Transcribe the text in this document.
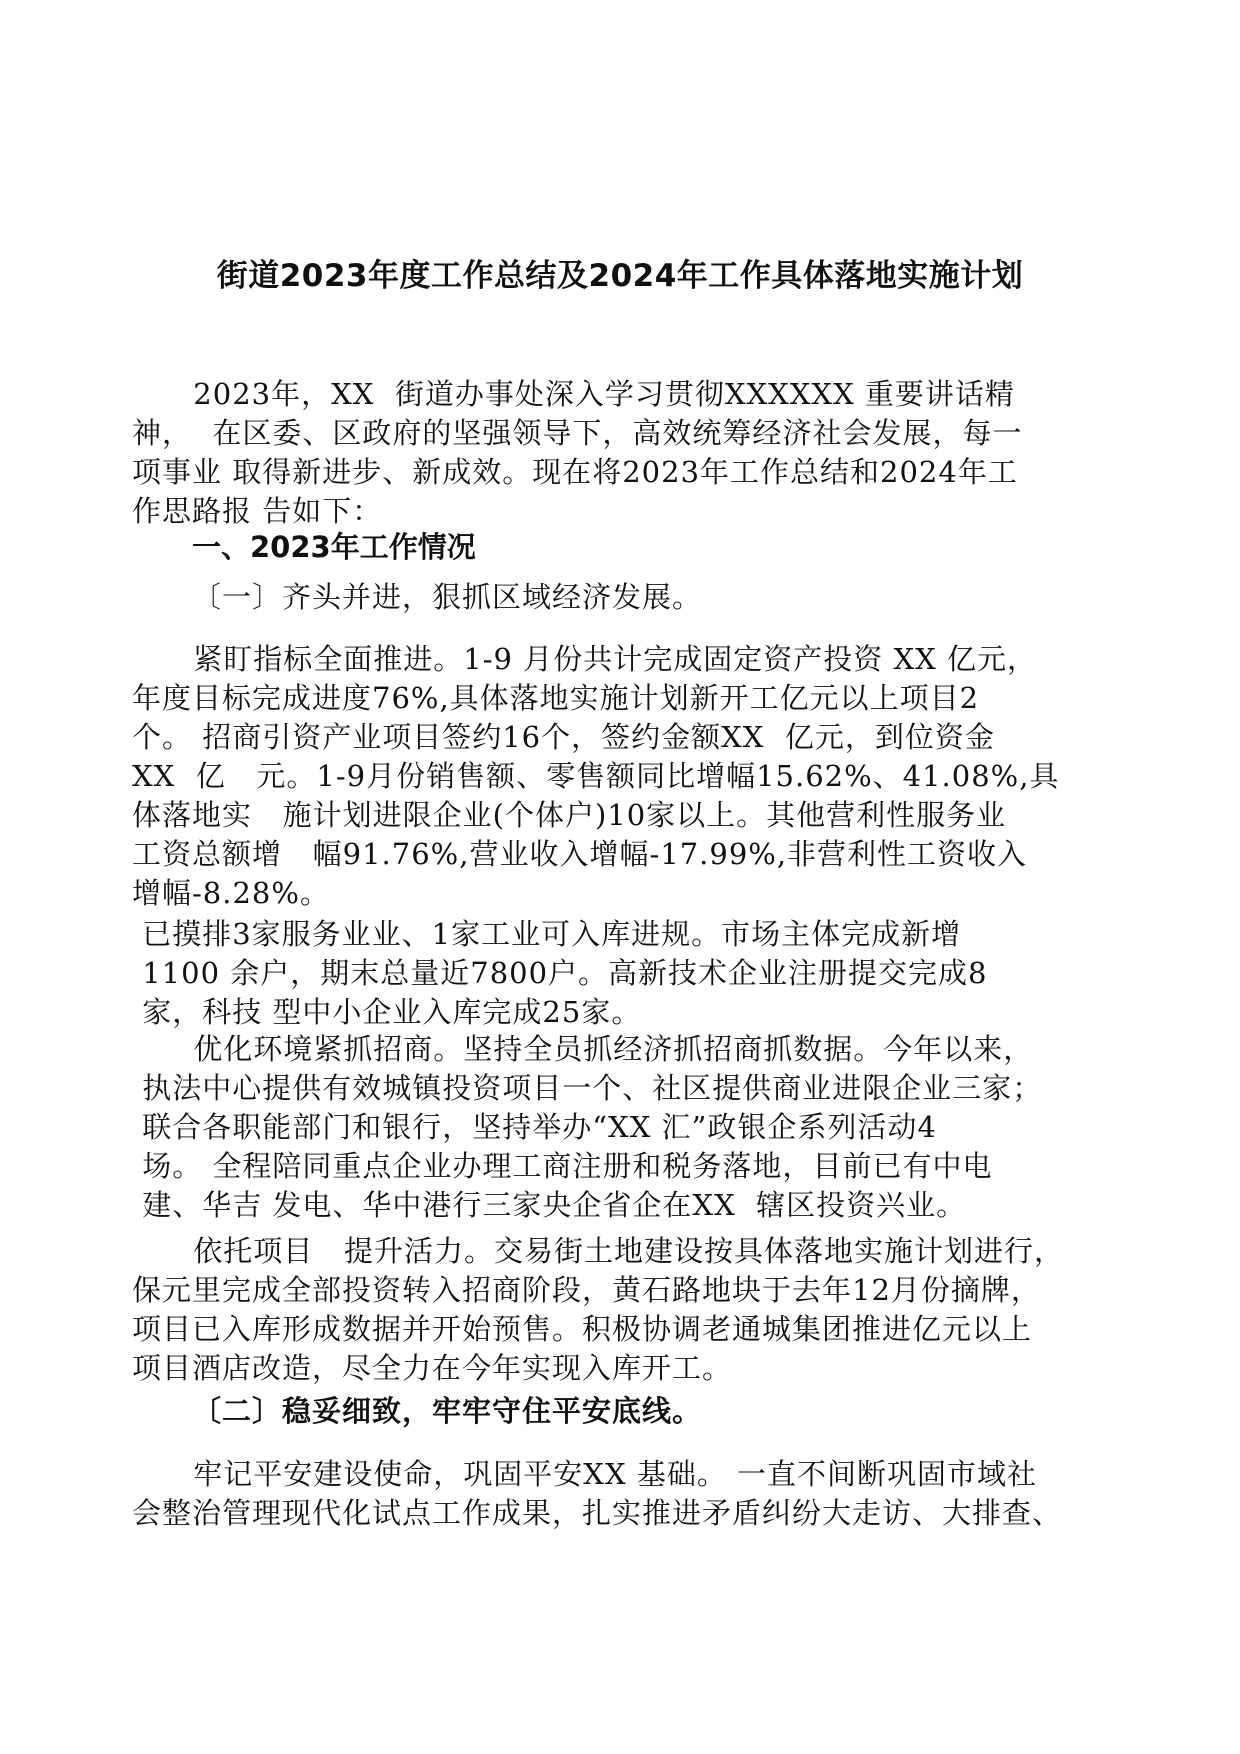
街道2023年度工作总结及2024年工作具体落地实施计划
2023年，XX  街道办事处深入学习贯彻XXXXXX 重要讲话精
神，  在区委、区政府的坚强领导下，高效统筹经济社会发展，每一
项事业 取得新进步、新成效。现在将2023年工作总结和2024年工
作思路报 告如下：
一、2023年工作情况
〔一〕齐头并进，狠抓区域经济发展。
紧盯指标全面推进。1-9 月份共计完成固定资产投资 XX 亿元，
年度目标完成进度76%,具体落地实施计划新开工亿元以上项目2
个。 招商引资产业项目签约16个，签约金额XX  亿元，到位资金
XX  亿   元。1-9月份销售额、零售额同比增幅15.62%、41.08%,具
体落地实   施计划进限企业(个体户)10家以上。其他营利性服务业
工资总额增   幅91.76%,营业收入增幅-17.99%,非营利性工资收入
增幅-8.28%。
已摸排3家服务业业、1家工业可入库进规。市场主体完成新增
1100 余户，期末总量近7800户。高新技术企业注册提交完成8
家，科技 型中小企业入库完成25家。
优化环境紧抓招商。坚持全员抓经济抓招商抓数据。今年以来，
执法中心提供有效城镇投资项目一个、社区提供商业进限企业三家；
联合各职能部门和银行，坚持举办“XX 汇”政银企系列活动4
场。 全程陪同重点企业办理工商注册和税务落地，目前已有中电
建、华吉 发电、华中港行三家央企省企在XX  辖区投资兴业。
依托项目   提升活力。交易街土地建设按具体落地实施计划进行，
保元里完成全部投资转入招商阶段，黄石路地块于去年12月份摘牌，
项目已入库形成数据并开始预售。积极协调老通城集团推进亿元以上
项目酒店改造，尽全力在今年实现入库开工。
〔二〕稳妥细致，牢牢守住平安底线。
牢记平安建设使命，巩固平安XX 基础。 一直不间断巩固市域社
会整治管理现代化试点工作成果，扎实推进矛盾纠纷大走访、大排查、
